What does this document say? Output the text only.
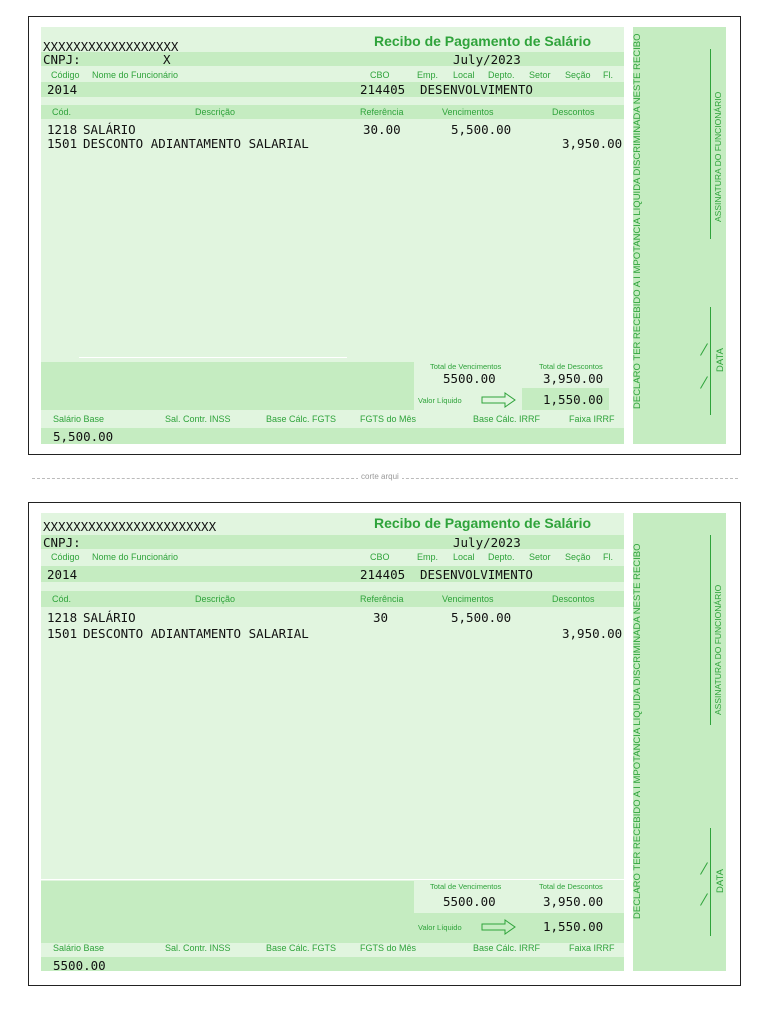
XXXXXXXXXXXXXXXXXX	Recibo de Pagamento de Salário
CNPJ:	X	July/2023
Código Nome do Funcionário	CBO	Emp. Local Depto. Setor Seção Fl.
2014	214405 DESENVOLVIMENTO
Cód.	Descrição	Referência	Vencimentos	Descontos
1218 SALÁRIO	30.00	5,500.00
1501 DESCONTO ADIANTAMENTO SALARIAL	3,950.00
Total de Vencimentos	Total de Descontos
5500.00	3,950.00
Valor Líquido	1,550.00
Salário Base	Sal. Contr. INSS	Base Cálc. FGTS	FGTS do Mês	Base Cálc. IRRF	Faixa IRRF
5,500.00
DECLARO TER RECEBIDO A I MPOTANCIA LIQUIDA DISCRIMINADA NESTE RECIBO	ASSINATURA DO FUNCIONÁRIO
DATA
corte arqui
XXXXXXXXXXXXXXXXXXXXXXX	Recibo de Pagamento de Salário
CNPJ:	July/2023
Código Nome do Funcionário	CBO	Emp. Local Depto. Setor Seção Fl.
2014	214405 DESENVOLVIMENTO
Cód.	Descrição	Referência	Vencimentos	Descontos
1218 SALÁRIO	30	5,500.00
1501 DESCONTO ADIANTAMENTO SALARIAL	3,950.00
Total de Vencimentos	Total de Descontos
5500.00	3,950.00
Valor Líquido	1,550.00
Salário Base	Sal. Contr. INSS	Base Cálc. FGTS	FGTS do Mês	Base Cálc. IRRF	Faixa IRRF
5500.00
DECLARO TER RECEBIDO A I MPOTANCIA LIQUIDA DISCRIMINADA NESTE RECIBO	ASSINATURA DO FUNCIONÁRIO
DATA
